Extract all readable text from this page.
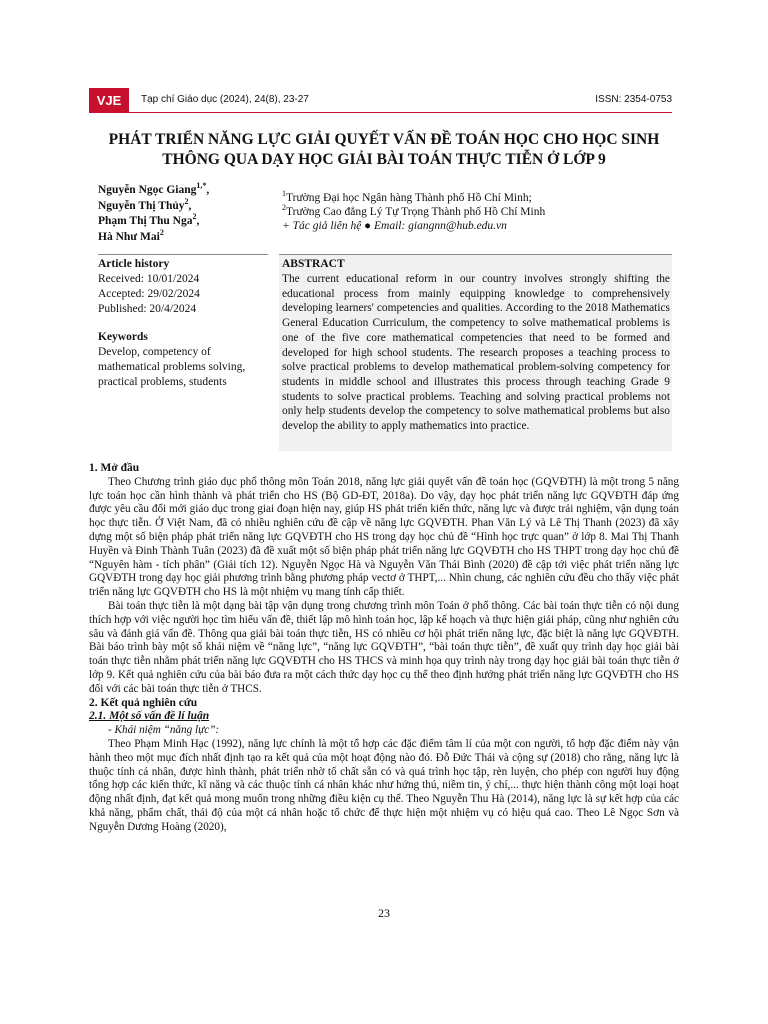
VJE	Tạp chí Giáo dục (2024), 24(8), 23-27	ISSN: 2354-0753
PHÁT TRIỂN NĂNG LỰC GIẢI QUYẾT VẤN ĐỀ TOÁN HỌC CHO HỌC SINH
THÔNG QUA DẠY HỌC GIẢI BÀI TOÁN THỰC TIỄN Ở LỚP 9
Nguyễn Ngọc Giang$^{1,*}$,
Nguyễn Thị Thủy$^2$,
Phạm Thị Thu Nga$^2$,
Hà Như Mai$^2$
$^1$Trường Đại học Ngân hàng Thành phố Hồ Chí Minh;
$^2$Trường Cao đẳng Lý Tự Trọng Thành phố Hồ Chí Minh
+ Tác giả liên hệ ● Email: giangnn@hub.edu.vn
Article history
Received: 10/01/2024
Accepted: 29/02/2024
Published: 20/4/2024
Keywords
Develop, competency of mathematical problems solving, practical problems, students
ABSTRACT
The current educational reform in our country involves strongly shifting the educational process from mainly equipping knowledge to comprehensively developing learners' competencies and qualities. According to the 2018 Mathematics General Education Curriculum, the competency to solve mathematical problems is one of the five core mathematical competencies that need to be formed and developed for high school students. The research proposes a teaching process to solve practical problems to develop mathematical problem-solving competency for students in middle school and illustrates this process through teaching Grade 9 students to solve practical problems. Teaching and solving practical problems not only help students develop the competency to solve mathematical problems but also develop the ability to apply mathematics into practice.
1. Mở đầu

Theo Chương trình giáo dục phổ thông môn Toán 2018, năng lực giải quyết vấn đề toán học (GQVĐTH) là một trong 5 năng lực toán học cần hình thành và phát triển cho HS (Bộ GD-ĐT, 2018a). Do vậy, dạy học phát triển năng lực GQVĐTH đáp ứng được yêu cầu đổi mới giáo dục trong giai đoạn hiện nay, giúp HS phát triển kiến thức, năng lực và được trải nghiệm, vận dụng toán học thực tiễn. Ở Việt Nam, đã có nhiều nghiên cứu đề cập về năng lực GQVĐTH. Phan Văn Lý và Lê Thị Thanh (2023) đã xây dựng một số biện pháp phát triển năng lực GQVĐTH cho HS trong dạy học chủ đề “Hình học trực quan” ở lớp 8. Mai Thị Thanh Huyền và Đinh Thành Tuân (2023) đã đề xuất một số biện pháp phát triển năng lực GQVĐTH cho HS THPT trong dạy học chủ đề “Nguyên hàm - tích phân” (Giải tích 12). Nguyễn Ngọc Hà và Nguyễn Văn Thái Bình (2020) đề cập tới việc phát triển năng lực GQVĐTH trong dạy học giải phương trình bằng phương pháp vectơ ở THPT,... Nhìn chung, các nghiên cứu đều cho thấy việc phát triển năng lực GQVĐTH cho HS là một nhiệm vụ mang tính cấp thiết.

Bài toán thực tiễn là một dạng bài tập vận dụng trong chương trình môn Toán ở phổ thông. Các bài toán thực tiễn có nội dung thích hợp với việc người học tìm hiểu vấn đề, thiết lập mô hình toán học, lập kế hoạch và thực hiện giải pháp, cũng như nghiên cứu sâu và đánh giá vấn đề. Thông qua giải bài toán thực tiễn, HS có nhiều cơ hội phát triển năng lực, đặc biệt là năng lực GQVĐTH. Bài báo trình bày một số khái niệm về “năng lực”, “năng lực GQVĐTH”, “bài toán thực tiễn”, đề xuất quy trình dạy học giải bài toán thực tiễn nhằm phát triển năng lực GQVĐTH cho HS THCS và minh họa quy trình này trong dạy học giải bài toán thực tiễn ở lớp 9. Kết quả nghiên cứu của bài báo đưa ra một cách thức dạy học cụ thể theo định hướng phát triển năng lực GQVĐTH cho HS đối với các bài toán thực tiễn ở THCS.

2. Kết quả nghiên cứu
2.1. Một số vấn đề lí luận
- Khái niệm “năng lực”:

Theo Phạm Minh Hạc (1992), năng lực chính là một tổ hợp các đặc điểm tâm lí của một con người, tổ hợp đặc điểm này vận hành theo một mục đích nhất định tạo ra kết quả của một hoạt động nào đó. Đỗ Đức Thái và cộng sự (2018) cho rằng, năng lực là thuộc tính cá nhân, được hình thành, phát triển nhờ tố chất sẵn có và quá trình học tập, rèn luyện, cho phép con người huy động tổng hợp các kiến thức, kĩ năng và các thuộc tính cá nhân khác như hứng thú, niềm tin, ý chí,... thực hiện thành công một loại hoạt động nhất định, đạt kết quả mong muốn trong những điều kiện cụ thể. Theo Nguyễn Thu Hà (2014), năng lực là sự kết hợp của các khả năng, phẩm chất, thái độ của một cá nhân hoặc tổ chức để thực hiện một nhiệm vụ có hiệu quả cao. Theo Lê Ngọc Sơn và Nguyễn Dương Hoàng (2020),

23
